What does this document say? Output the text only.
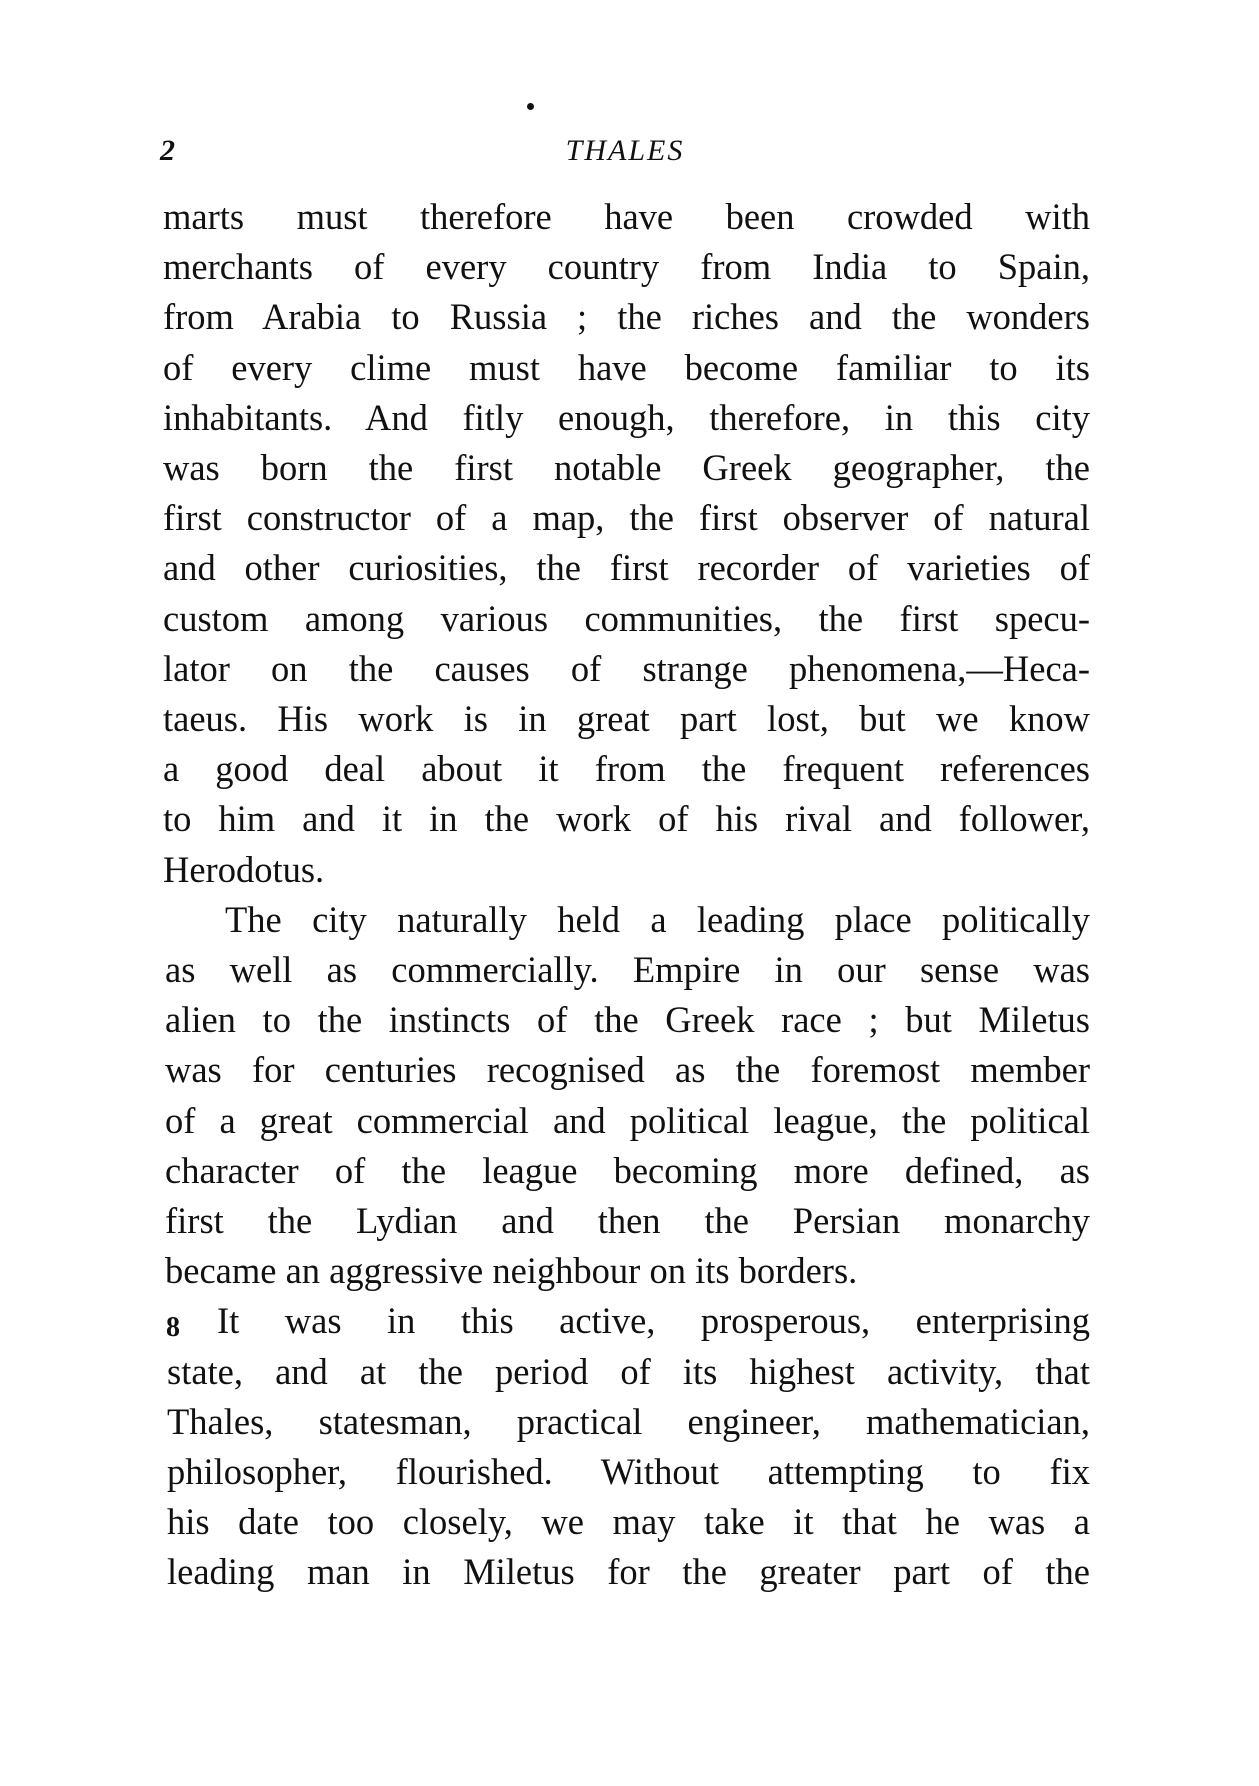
2	THALES

marts must therefore have been crowded with
merchants of every country from India to Spain,
from Arabia to Russia ; the riches and the wonders
of every clime must have become familiar to its
inhabitants. And fitly enough, therefore, in this city
was born the first notable Greek geographer, the
first constructor of a map, the first observer of natural
and other curiosities, the first recorder of varieties of
custom among various communities, the first specu-
lator on the causes of strange phenomena,—Heca-
taeus. His work is in great part lost, but we know
a good deal about it from the frequent references
to him and it in the work of his rival and follower,
Herodotus.

The city naturally held a leading place politically
as well as commercially. Empire in our sense was
alien to the instincts of the Greek race ; but Miletus
was for centuries recognised as the foremost member
of a great commercial and political league, the political
character of the league becoming more defined, as
first the Lydian and then the Persian monarchy
became an aggressive neighbour on its borders.

It was in this active, prosperous, enterprising
state, and at the period of its highest activity, that
Thales, statesman, practical engineer, mathematician,
philosopher, flourished. Without attempting to fix
his date too closely, we may take it that he was a
leading man in Miletus for the greater part of the

8
